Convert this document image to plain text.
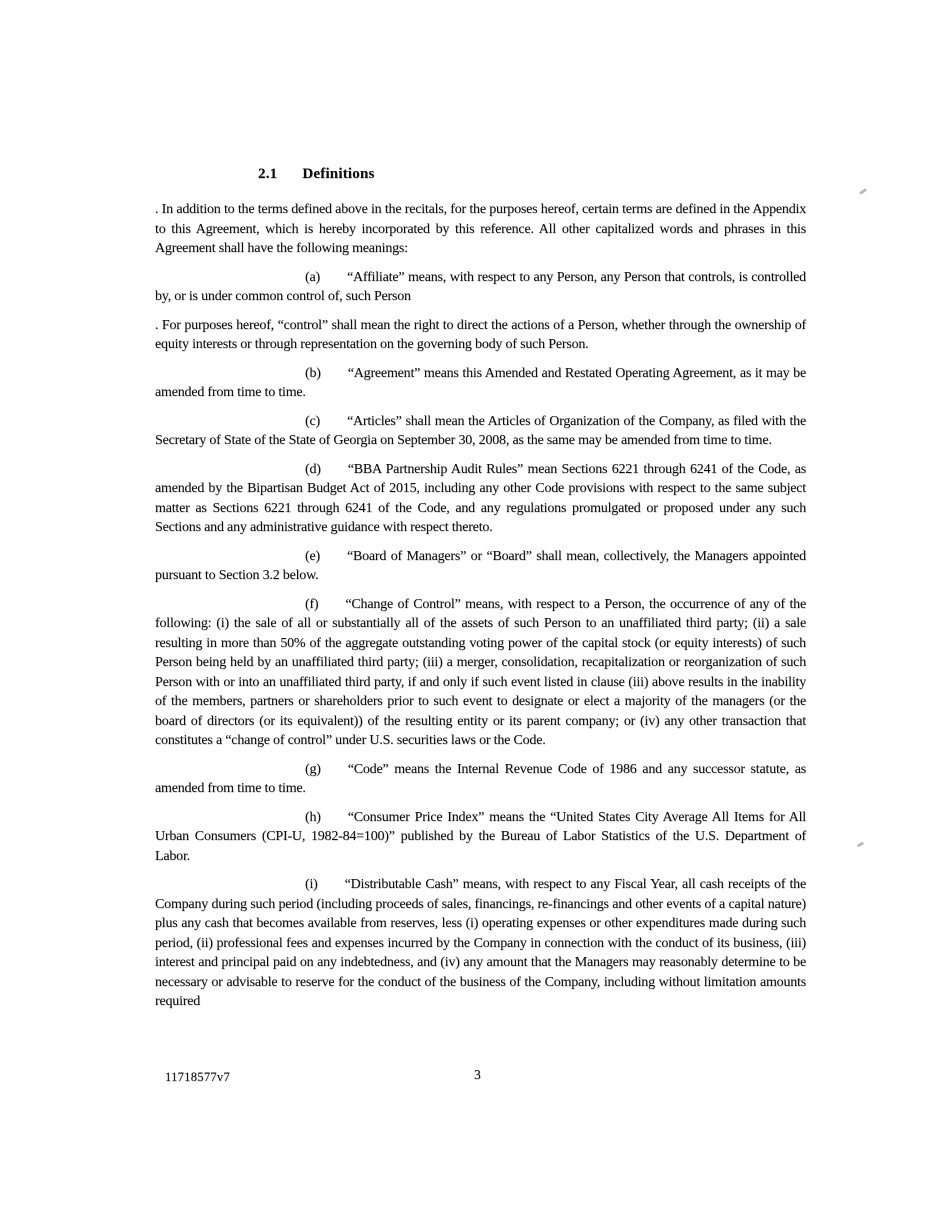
2.1 Definitions

. In addition to the terms defined above in the recitals, for the purposes hereof, certain terms are defined in the Appendix to this Agreement, which is hereby incorporated by this reference. All other capitalized words and phrases in this Agreement shall have the following meanings:

(a) “Affiliate” means, with respect to any Person, any Person that controls, is controlled by, or is under common control of, such Person

. For purposes hereof, “control” shall mean the right to direct the actions of a Person, whether through the ownership of equity interests or through representation on the governing body of such Person.

(b) “Agreement” means this Amended and Restated Operating Agreement, as it may be amended from time to time.

(c) “Articles” shall mean the Articles of Organization of the Company, as filed with the Secretary of State of the State of Georgia on September 30, 2008, as the same may be amended from time to time.

(d) “BBA Partnership Audit Rules” mean Sections 6221 through 6241 of the Code, as amended by the Bipartisan Budget Act of 2015, including any other Code provisions with respect to the same subject matter as Sections 6221 through 6241 of the Code, and any regulations promulgated or proposed under any such Sections and any administrative guidance with respect thereto.

(e) “Board of Managers” or “Board” shall mean, collectively, the Managers appointed pursuant to Section 3.2 below.

(f) “Change of Control” means, with respect to a Person, the occurrence of any of the following: (i) the sale of all or substantially all of the assets of such Person to an unaffiliated third party; (ii) a sale resulting in more than 50% of the aggregate outstanding voting power of the capital stock (or equity interests) of such Person being held by an unaffiliated third party; (iii) a merger, consolidation, recapitalization or reorganization of such Person with or into an unaffiliated third party, if and only if such event listed in clause (iii) above results in the inability of the members, partners or shareholders prior to such event to designate or elect a majority of the managers (or the board of directors (or its equivalent)) of the resulting entity or its parent company; or (iv) any other transaction that constitutes a “change of control” under U.S. securities laws or the Code.

(g) “Code” means the Internal Revenue Code of 1986 and any successor statute, as amended from time to time.

(h) “Consumer Price Index” means the “United States City Average All Items for All Urban Consumers (CPI-U, 1982-84=100)” published by the Bureau of Labor Statistics of the U.S. Department of Labor.

(i) “Distributable Cash” means, with respect to any Fiscal Year, all cash receipts of the Company during such period (including proceeds of sales, financings, re-financings and other events of a capital nature) plus any cash that becomes available from reserves, less (i) operating expenses or other expenditures made during such period, (ii) professional fees and expenses incurred by the Company in connection with the conduct of its business, (iii) interest and principal paid on any indebtedness, and (iv) any amount that the Managers may reasonably determine to be necessary or advisable to reserve for the conduct of the business of the Company, including without limitation amounts required

11718577v7	3
